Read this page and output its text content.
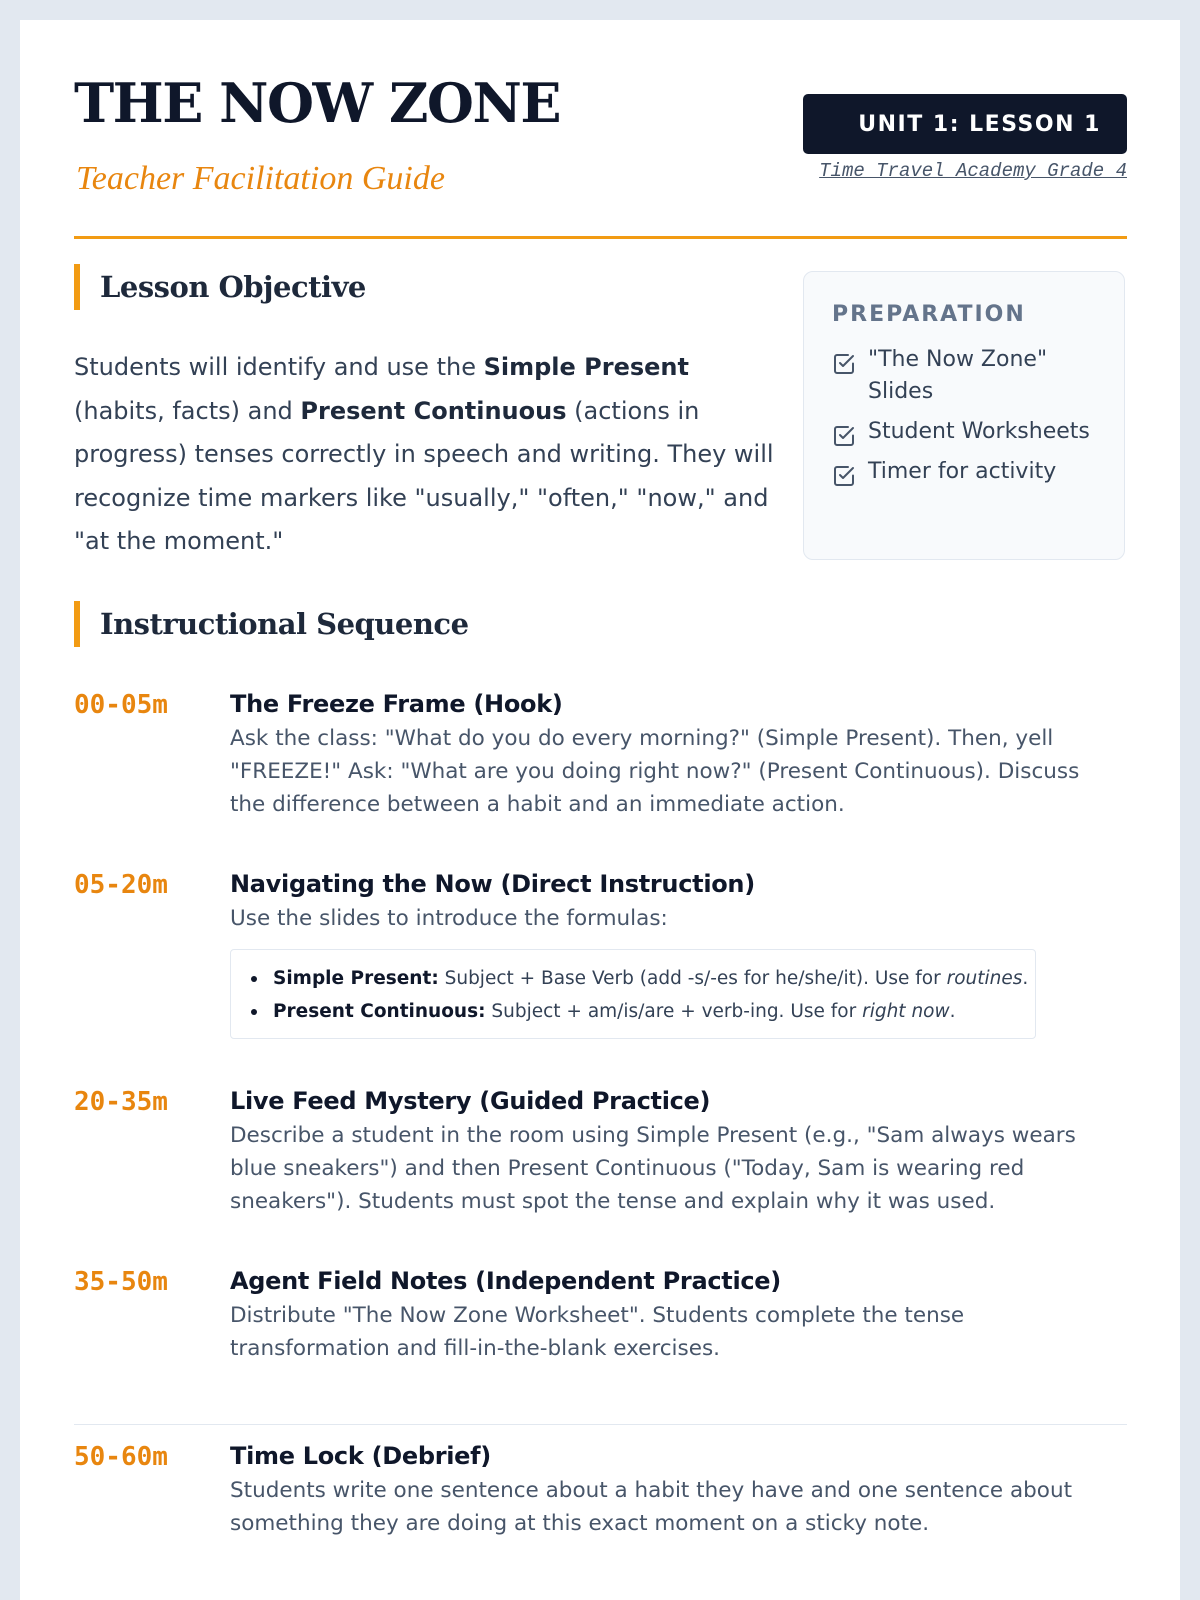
THE NOW ZONE
Teacher Facilitation Guide
UNIT 1: LESSON 1
Time Travel Academy Grade 4
Lesson Objective
Students will identify and use the Simple Present (habits, facts) and Present Continuous (actions in progress) tenses correctly in speech and writing. They will recognize time markers like "usually," "often," "now," and "at the moment."
PREPARATION
"The Now Zone" Slides
Student Worksheets
Timer for activity
Instructional Sequence
00-05m	The Freeze Frame (Hook)
Ask the class: "What do you do every morning?" (Simple Present). Then, yell "FREEZE!" Ask: "What are you doing right now?" (Present Continuous). Discuss the difference between a habit and an immediate action.
05-20m	Navigating the Now (Direct Instruction)
Use the slides to introduce the formulas:
Simple Present: Subject + Base Verb (add -s/-es for he/she/it). Use for routines.
Present Continuous: Subject + am/is/are + verb-ing. Use for right now.
20-35m	Live Feed Mystery (Guided Practice)
Describe a student in the room using Simple Present (e.g., "Sam always wears blue sneakers") and then Present Continuous ("Today, Sam is wearing red sneakers"). Students must spot the tense and explain why it was used.
35-50m	Agent Field Notes (Independent Practice)
Distribute "The Now Zone Worksheet". Students complete the tense transformation and fill-in-the-blank exercises.
50-60m	Time Lock (Debrief)
Students write one sentence about a habit they have and one sentence about something they are doing at this exact moment on a sticky note.
